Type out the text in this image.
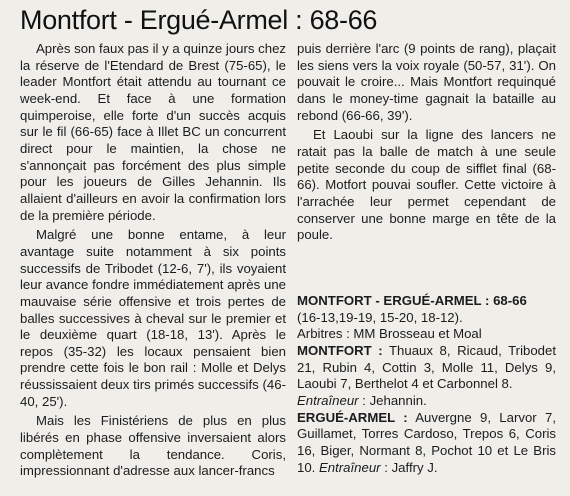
Montfort - Ergué-Armel : 68-66

Après son faux pas il y a quinze jours chez la réserve de l'Etendard de Brest (75-65), le leader Montfort était attendu au tournant ce week-end. Et face à une formation quimperoise, elle forte d'un succès acquis sur le fil (66-65) face à Illet BC un concurrent direct pour le maintien, la chose ne s'annonçait pas forcément des plus simple pour les joueurs de Gilles Jehannin. Ils allaient d'ailleurs en avoir la confirmation lors de la première période.

Malgré une bonne entame, à leur avantage suite notamment à six points successifs de Tribodet (12-6, 7'), ils voyaient leur avance fondre immédiatement après une mauvaise série offensive et trois pertes de balles successives à cheval sur le premier et le deuxième quart (18-18, 13'). Après le repos (35-32) les locaux pensaient bien prendre cette fois le bon rail : Molle et Delys réussissaient deux tirs primés successifs (46-40, 25').

Mais les Finistériens de plus en plus libérés en phase offensive inversaient alors complètement la tendance. Coris, impressionnant d'adresse aux lancer-francs

puis derrière l'arc (9 points de rang), plaçait les siens vers la voix royale (50-57, 31'). On pouvait le croire... Mais Montfort requinqué dans le money-time gagnait la bataille au rebond (66-66, 39').

Et Laoubi sur la ligne des lancers ne ratait pas la balle de match à une seule petite seconde du coup de sifflet final (68-66). Motfort pouvai soufler. Cette victoire à l'arrachée leur permet cependant de conserver une bonne marge en tête de la poule.

MONTFORT - ERGUÉ-ARMEL : 68-66

(16-13,19-19, 15-20, 18-12).

Arbitres : MM Brosseau et Moal

MONTFORT : Thuaux 8, Ricaud, Tribodet 21, Rubin 4, Cottin 3, Molle 11, Delys 9, Laoubi 7, Berthelot 4 et Carbonnel 8.

Entraîneur : Jehannin.

ERGUÉ-ARMEL : Auvergne 9, Larvor 7, Guillamet, Torres Cardoso, Trepos 6, Coris 16, Biger, Normant 8, Pochot 10 et Le Bris 10. Entraîneur : Jaffry J.
